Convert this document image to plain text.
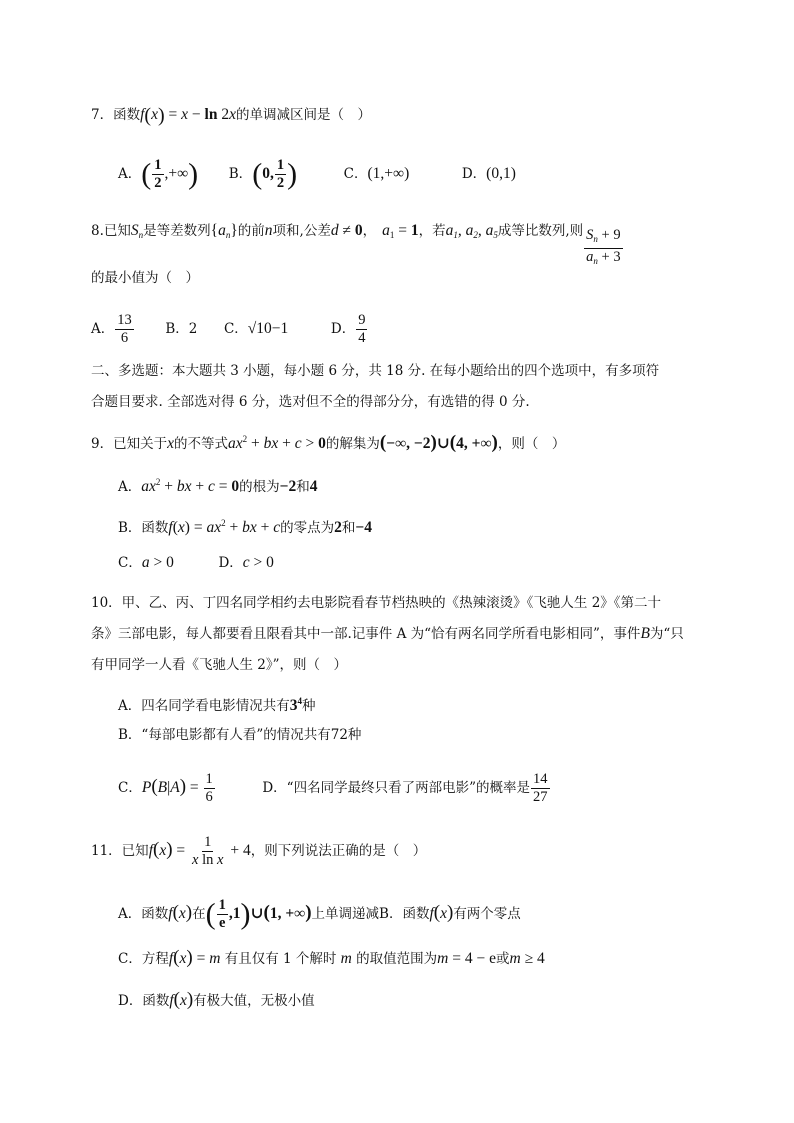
7．函数f(x) = x − ln 2x的单调减区间是（　）
A．( $\frac{1}{2}$ ,+∞) B．(0, $\frac{1}{2}$ )	C．(1,+∞)	D．(0,1)
8.已知$S_n$是等差数列$\{a_n\}$的前n项和,公差d ≠ 0， $a_1 = 1$，若$a_1$, $a_2$, $a_5$成等比数列,则 $\frac{S_n + 9}{a_n + 3}$
的最小值为（　）
A． $\frac{13}{6}$ B．2 C．√10−1	D． $\frac{9}{4}$
二、多选题：本大题共 3 小题，每小题 6 分，共 18 分. 在每小题给出的四个选项中，有多项符
合题目要求. 全部选对得 6 分，选对但不全的得部分分，有选错的得 0 分.
9．已知关于x的不等式$ax^2$ + bx + c > 0的解集为(−∞, −2)∪(4, +∞)，则（　）
A．$ax^2$ + bx + c = 0的根为−2和4
B．函数$f(x) = ax^2$ + bx + c的零点为2和−4
C．a > 0	D．c > 0
10．甲、乙、丙、丁四名同学相约去电影院看春节档热映的《热辣滚烫》《飞驰人生 2》《第二十
条》三部电影，每人都要看且限看其中一部.记事件 A 为“恰有两名同学所看电影相同”，事件B为“只
有甲同学一人看《飞驰人生 2》”，则（　）
A．四名同学看电影情况共有$3^4$种
B．“每部电影都有人看”的情况共有72种
C．$P(B|A) = \frac{1}{6}$	D．“四名同学最终只看了两部电影”的概率是 $\frac{14}{27}$
11．已知$f(x) = \frac{1}{\text{x ln x}} + 4$，则下列说法正确的是（　）
A．函数f(x)在( $\frac{1}{e}$ ,1)∪(1, +∞)上单调递减B．函数f(x)有两个零点
C．方程f(x) = m 有且仅有 1 个解时 m 的取值范围为m = 4 − e或m ≥ 4
D．函数f(x)有极大值，无极小值
